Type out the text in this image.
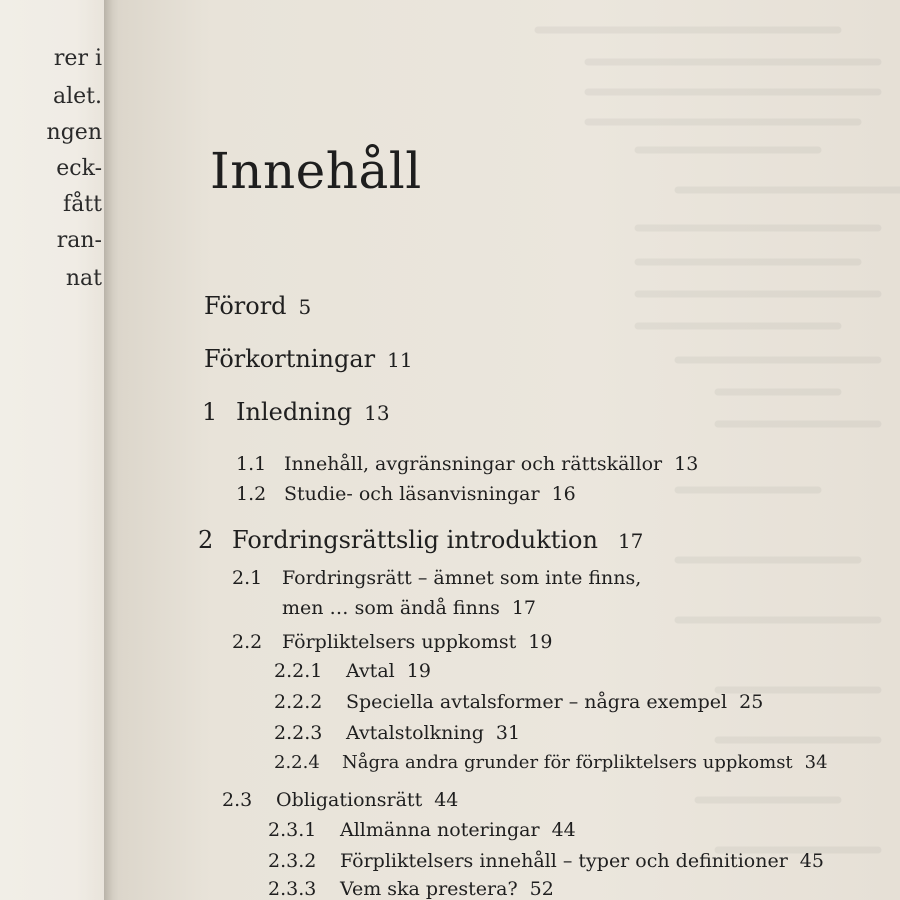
rer i
alet.
ngen
eck-
fått
ran-
nat
Innehåll
Förord 5
Förkortningar 11
1 Inledning 13
1.1 Innehåll, avgränsningar och rättskällor 13
1.2 Studie- och läsanvisningar 16
2 Fordringsrättslig introduktion 17
2.1 Fordringsrätt – ämnet som inte finns,
men … som ändå finns 17
2.2 Förpliktelsers uppkomst 19
2.2.1 Avtal 19
2.2.2 Speciella avtalsformer – några exempel 25
2.2.3 Avtalstolkning 31
2.2.4 Några andra grunder för förpliktelsers uppkomst 34
2.3 Obligationsrätt 44
2.3.1 Allmänna noteringar 44
2.3.2 Förpliktelsers innehåll – typer och definitioner 45
2.3.3 Vem ska prestera? 52
